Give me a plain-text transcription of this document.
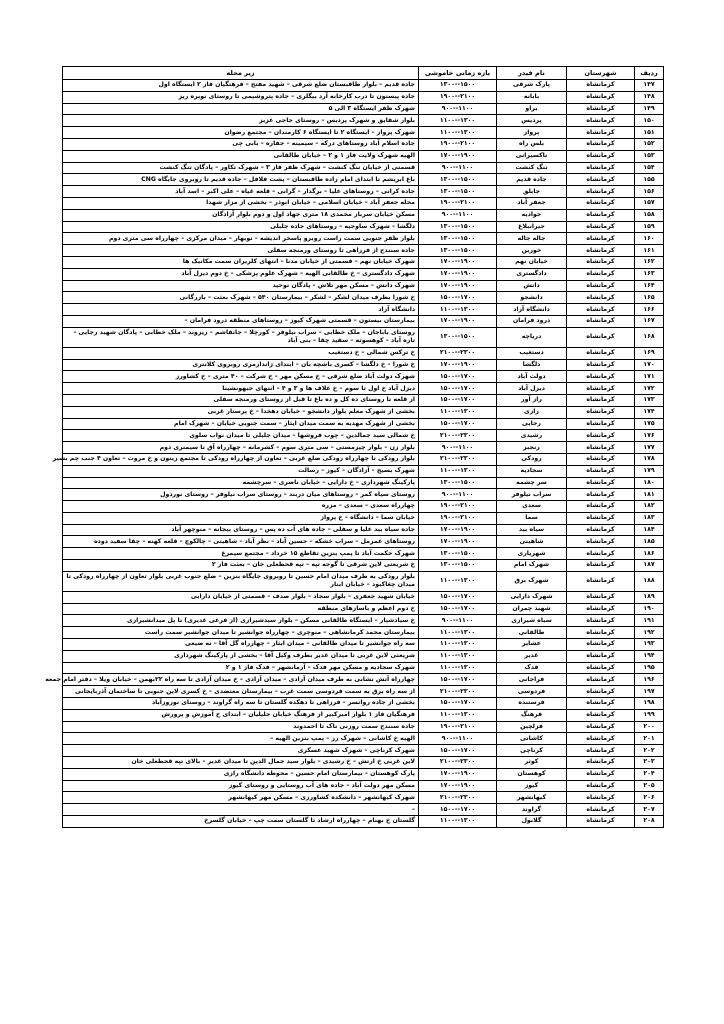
ردیف	شهرستان	نام فیدر	بازه زمانی خاموشی	زیر محله
۱۴۷	کرمانشاه	پارک شرقی	۱۵۰۰--۱۳۰۰	جاده قدیم – بلوار طاقبستان ضلع شرقی – شهید مفتح – فرهنگیان فاز ۲ ایستگاه اول
۱۴۸	کرمانشاه	بابانه	۲۱۰۰--۱۹۰۰	جاده پیستون تا درب کارخانه آرد بیگلری – جاده پتروشیمی تا روستای نوبره ریز
۱۴۹	کرمانشاه	براو	۱۱۰۰--۹۰۰	شهرک ظفر ایستگاه ۳ الی ۵
۱۵۰	کرمانشاه	پردیس	۱۳۰۰--۱۱۰۰	بلوار شقایق و شهرک پردیس – روستای حاجی عزیز
۱۵۱	کرمانشاه	پرواز	۱۳۰۰--۱۱۰۰	شهرک پرواز – ایستگاه ۲ تا ایستگاه ۶ کارمندان – مجتمع رضوان
۱۵۲	کرمانشاه	بلس راه	۲۱۰۰--۱۹۰۰	جاده اسلام آباد روستاهای درکه – سیمینه – جفاره – بابی چی
۱۵۳	کرمانشاه	تاکسیرانی	۱۹۰۰--۱۷۰۰	الهیه شهرک ولایت فاز ۱ و ۲ – خیابان طالقانی
۱۵۴	کرمانشاه	تنگ کنشت	۱۱۰۰--۹۰۰	قسمتی از خیابان تنگ کنشت – شهرک ظفر فاز ۳ – شهرک تکاور – پادگان تنگ کنشت
۱۵۵	کرمانشاه	جاده قدیم	۱۵۰۰--۱۳۰۰	باغ ابریشم تا ابتدای امام زاده طاقبستان – پشت فلافل – جاده قدیم تا روبروی جایگاه CNG
۱۵۶	کرمانشاه	جابلق	۱۵۰۰--۱۳۰۰	جاده کرانی – روستاهای علیا – برگدار – گرانی – قلعه غیاه – علی اکبر – اسد آباد
۱۵۷	کرمانشاه	جعفر آباد	۲۱۰۰--۱۹۰۰	محله جعفر آباد – خیابان اسلامی – خیابان ابوذر – بخشی از مزار شهدا
۱۵۸	کرمانشاه	جوادیه	۱۱۰۰--۹۰۰	مسکن خیابان سرباز محمدی ۱۸ متری جهاد اول و دوم بلوار آزادگان
۱۵۹	کرمانشاه	جیرانبلاغ	۱۵۰۰--۱۳۰۰	دلگشا – شهرک ساوجیه – روستاهای جاده جلبلی
۱۶۰	کرمانشاه	جاله جاله	۱۵۰۰--۱۳۰۰	بلوار ظفر جنوبی سمت راست روبرو پاسخر اندیشه – نوبهار – میدان مرکزی – چهارراه سی متری دوم
۱۶۱	کرمانشاه	خورین	۱۵۰۰--۱۳۰۰	جاده سنندج از فرزاهی تا روستای ورمنجه سفلی
۱۶۲	کرمانشاه	خیابان نهم	۱۹۰۰--۱۷۰۰	شهرک خیابان نهم – قسمتی از خیابان مدنا – انتهای کلریران سمت مکانیک ها
۱۶۳	کرمانشاه	دادگستری	۱۹۰۰--۱۷۰۰	شهرک دادگستری – خ طالقانی الهیه – شهرک علوم پزشکی – خ دوم دیزل آباد
۱۶۴	کرمانشاه	دانش	۱۹۰۰--۱۷۰۰	شهرک دانش – مسکن مهر تلاش – پادگان توحید
۱۶۵	کرمانشاه	دانشجو	۱۷۰۰--۱۵۰۰	خ شورا بطرف میدان لشکر – لشکر – بیمارستان ۵۴۰ – شهرک بعثت – بازرگانی
۱۶۶	کرمانشاه	دانشگاه آزاد	۱۳۰۰--۱۱۰۰	دانشگاه آزاد
۱۶۷	کرمانشاه	درود فرامان	۱۹۰۰--۱۷۰۰	بیمارستان بیستون – قسمتی شهرک کیوز – روستاهای منطقه درود فرامان –
۱۶۸	کرمانشاه	دریاچه	۱۵۰۰--۱۳۰۰	روستای باباجان – ملک خطابی – سراب نیلوفر – کورچلا – جانفاشم – ریزوند – ملک خطابی – پادگان شهید رجایی – تازه آباد – کوهسوته – سفید چقا – بنی آباد
۱۶۹	کرمانشاه	دستغیب	۲۳۰۰--۲۱۰۰	خ ترکس شمالی – خ دستغیب
۱۷۰	کرمانشاه	دلگشا	۱۹۰۰--۱۷۰۰	خ شورا – خ دلگشا – کسری باشچه بان – ابتدای ژاندارمری روبروی کلانتری
۱۷۱	کرمانشاه	دولت آباد	۱۷۰۰--۱۵۰۰	شهرک دولت آباد ضلع شرقی – خ مسکن مهر – خ شرکت – ۴۰ متری – خ کشاورز
۱۷۲	کرمانشاه	دیزل آباد	۱۷۰۰--۱۵۰۰	دیزل آباد خ اول تا سوم – خ علاف ها و ۳ و ۴ – انتهای جیهونشینا
۱۷۳	کرمانشاه	راز آور	۱۷۰۰--۱۵۰۰	از قلعه تا روستای ده کل و ده باغ تا قبل از روستای ورمنجه سفلی
۱۷۴	کرمانشاه	رازی	۱۳۰۰--۱۱۰۰	بخشی از شهرک معلم بلوار دانشجو – خیابان دهخدا – خ پرستار غربی
۱۷۵	کرمانشاه	رجایی	۱۷۰۰--۱۵۰۰	بخشی از شهرک مهدیه به سمت میدان ایثار – سمت جنوبی خیابان – شهرک امام
۱۷۶	کرمانشاه	رشیدی	۲۳۰۰--۲۱۰۰	خ شمالی سید جمالدین – چوب فروشها – میدان جلیلی تا میدان نواب سلوی
۱۷۷	کرمانشاه	رنجبر	۱۱۰۰--۹۰۰	بلوار زن – بلوار چیزمستی – سی متری سوم – کشرمانه – چهارراه آق تا سیمتری دوم
۱۷۸	کرمانشاه	رودکی	۲۳۰۰--۲۱۰۰	بلوار رودکی تا چهارراه رودکی ضلع غربی – تعاون از چهارراه رودکی تا مجتمع زیتون و خ مروت – تعاون ۴ جنب چم بشیر
۱۷۹	کرمانشاه	سجادیه	۱۳۰۰--۱۱۰۰	شهرک بسیج – آزادگان – کیوز – رسالت
۱۸۰	کرمانشاه	سر چشمه	۱۵۰۰--۱۳۰۰	پارکینگ شهرداری – خ دارایی – خیابان ناصری – سرچشمه
۱۸۱	کرمانشاه	سراب نیلوفر	۱۱۰۰--۹۰۰	روستای سیاه کمر – روستاهای میان دربند – روستای سراب نیلوفر – روستای نوردول
۱۸۲	کرمانشاه	سعدی	۲۱۰۰--۱۹۰۰	چهارراه سعدی – سعدی – مزره
۱۸۳	کرمانشاه	سما	۲۱۰۰--۱۹۰۰	خیابان سما – دانشگاه – خ پرواز
۱۸۴	کرمانشاه	سیاه بید	۱۹۰۰--۱۷۰۰	جاده سیاه بید علیا و سفلی – جاده های آب ده پس – روستای بیجانه – منوچهر آباد
۱۸۵	کرمانشاه	شاهینی	۱۹۰۰--۱۷۰۰	روستاهای عمرمل – سراب خشکه – حسین آباد – نظر آباد – شاهینی – چالکوچ – قلعه کهنه – چقا سفید دوده
۱۸۶	کرمانشاه	شهریاری	۱۵۰۰--۱۳۰۰	شهرک حکمت آباد تا پمپ بنزین تقاطع ۱۵ خرداد – مجتمع سیمرغ
۱۸۷	کرمانشاه	شهرک امام	۱۵۰۰--۱۳۰۰	خ شریعتی لاین شرقی تا گوجه تپه – تپه قحطعلی خان – بعثت فاز ۲
۱۸۸	کرمانشاه	شهرک برق	۱۳۰۰--۱۱۰۰	بلوار رودکی به طرف میدان امام حسین تا روبروی جایگاه بنزین – ضلع جنوب غربی بلوار تعاون از چهارراه رودکی تا میدان چغاکبود – خیابان ابنار
۱۸۹	کرمانشاه	شهرک دارایی	۱۷۰۰--۱۵۰۰	خیابان شهید جعفری – بلوار سجاد – بلوار صدف – قسمتی از خیابان دارایی
۱۹۰	کرمانشاه	شهید چمران	۱۷۰۰--۱۵۰۰	خ دوم اعظم و باسازهای منطقه
۱۹۱	کرمانشاه	سیاه شیرازی	۱۱۰۰--۹۰۰	خ سیادشیار – ایستگاه طالقانی مسکن – بلوار سیدشیرازی (از فرعی غدیری) تا پل میدانشیرازی
۱۹۲	کرمانشاه	طالقانی	۱۳۰۰--۱۱۰۰	بیمارستان محمد کرمانشاهی – منوچری – چهارراه جوانشیر تا میدان جوانشیر سمت راست
۱۹۳	کرمانشاه	عشایر	۱۳۰۰--۱۱۰۰	سه راه جوانشیر تا میدان طالقانی – میدان ابثار – چهارراه گل آقا – ته ضیعی
۱۹۴	کرمانشاه	غدیر	۱۳۰۰--۱۱۰۰	شریعتی لاین غربی تا میدان غدیر بطرف وکیل آقا – بخشی از پارکینگ شهرداری
۱۹۵	کرمانشاه	فدک	۱۳۰۰--۱۱۰۰	شهرک سجادیه و مسکن مهر فدک – آرمانشهر – فدک فاز ۱ و ۲
۱۹۶	کرمانشاه	فراجانی	۱۷۰۰--۱۵۰۰	چهارراه آتش نشانی به طرف میدان آزادی – میدان آزادی – خ میدان آزادی تا سه راه ۲۲بهمن – خیابان ویلا – دفتر امام جمعه
۱۹۷	کرمانشاه	فردوسی	۲۳۰۰--۲۱۰۰	از سه راه برق به سمت فردوسی سمت غرب – بیمارستان معتضدی – خ کسری لاین جنوبی تا ساختمان آذربایجانی
۱۹۸	کرمانشاه	فرستنده	۱۷۰۰--۱۵۰۰	بخشی از جاده روانسر – فرزاهی تا دهکده گلستان تا سه راه گراوند – روستای نوروزآباد
۱۹۹	کرمانشاه	فرهنگ	۱۳۰۰--۱۱۰۰	فرهنگیان فاز ۱ بلوار امیرکبیر از فرهنگ خیابان جلیلیان – ابتدای خ آموزش و پرورش
۲۰۰	کرمانشاه	فزلچین	۲۱۰۰--۱۹۰۰	جاده سنندج سمت روزنی تاک تا احمدوند
۲۰۱	کرمانشاه	کاشانی	۱۱۰۰--۹۰۰	الهیه خ کاشانی – شهرک رز – پمپ بنزین الهیه –
۲۰۲	کرمانشاه	کرناچی	۱۷۰۰--۱۵۰۰	شهرک کرناچی – شهرک شهید عسکری
۲۰۳	کرمانشاه	کوثر	۲۳۰۰--۲۱۰۰	لاین غربی خ ارتش – خ رشیدی – بلوار سید جمال الدین تا میدان غدیر – بالای تپه قحطعلی خان
۲۰۴	کرمانشاه	کوهستان	۱۹۰۰--۱۷۰۰	پارک کوهستان – بیمارستان امام حسین – محوطه دانشگاه رازی
۲۰۵	کرمانشاه	کیوز	۱۹۰۰--۱۷۰۰	مسکن مهر دولت آباد – جاده های آب روستایی و روستای کیوز
۲۰۶	کرمانشاه	کیهانشهر	۲۳۰۰--۲۱۰۰	شهرک کیهانشهر – دانشکده کشاورزی – مسکن مهر کیهانشهر
۲۰۷	کرمانشاه	گراوند	۱۷۰۰--۱۵۰۰	–
۲۰۸	کرمانشاه	گلابول	۱۳۰۰--۱۱۰۰	گلستان خ بهنام – چهارراه ارشاد تا گلستان سمت چپ – خیابان گلسرخ
